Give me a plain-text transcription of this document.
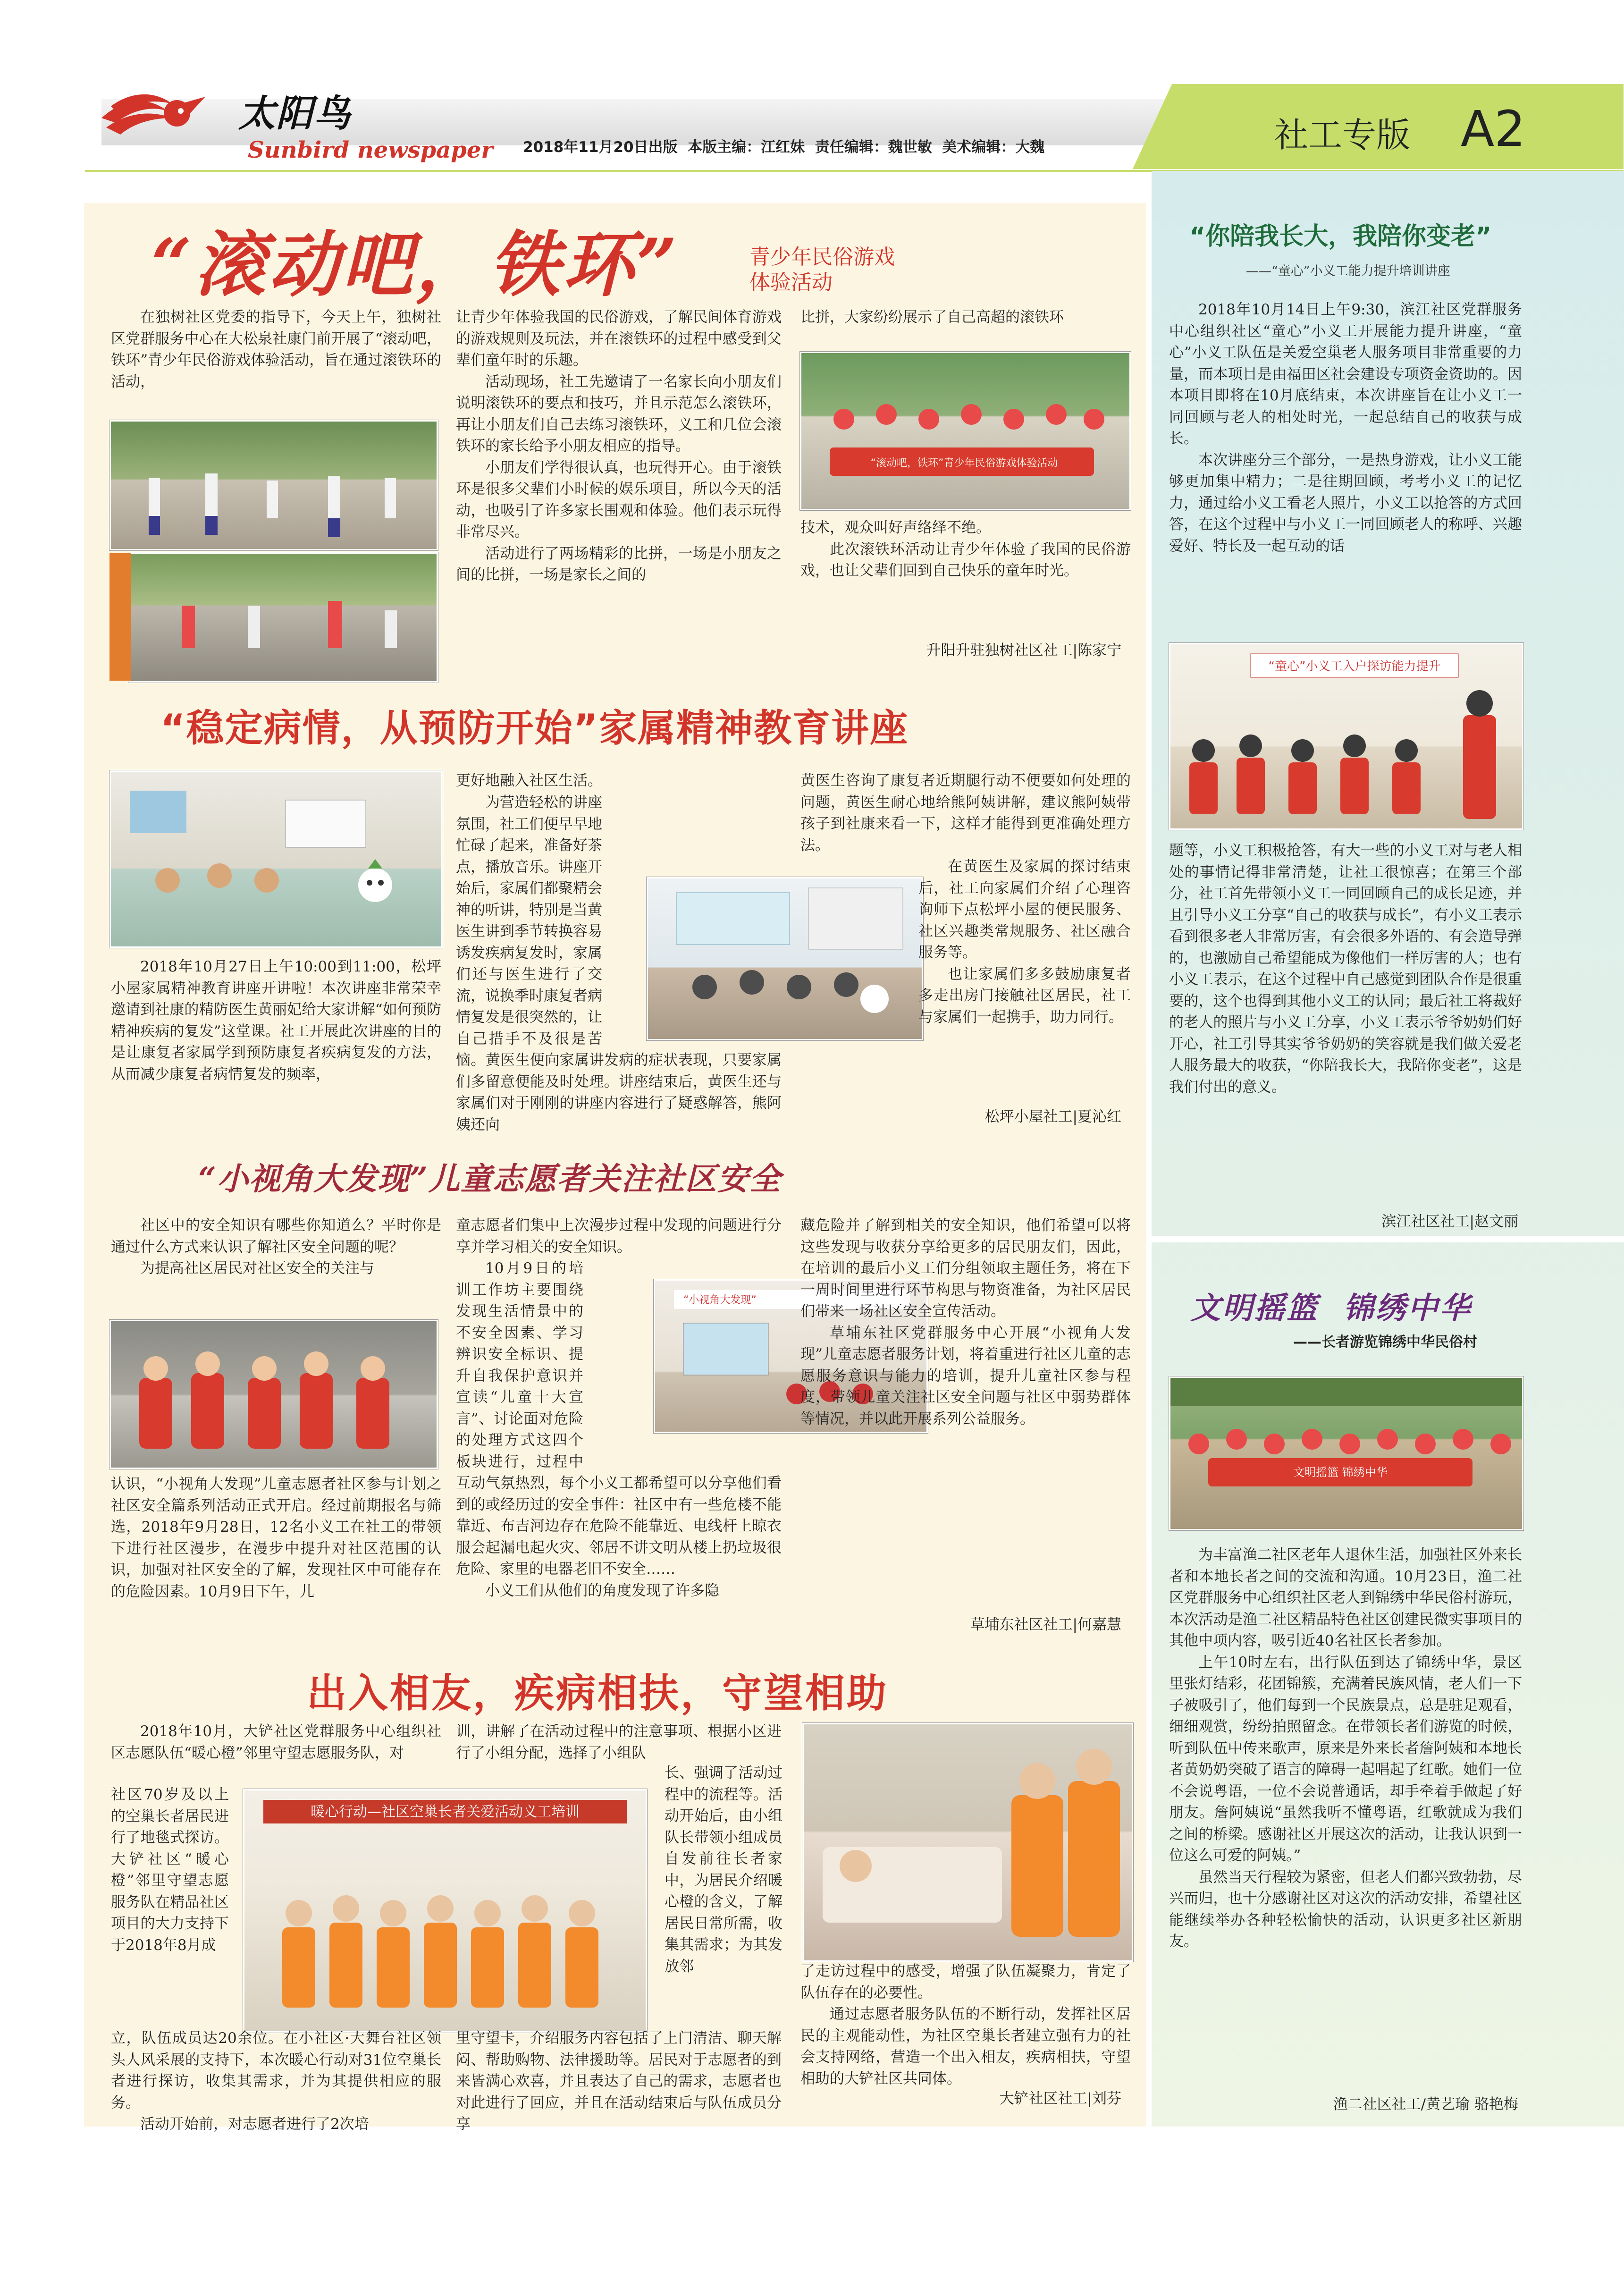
太阳鸟
Sunbird newspaper 2018年11月20日出版  本版主编：江红妹  责任编辑：魏世敏  美术编辑：大魏	社工专版 A2
“滚动吧，铁环”	青少年民俗游戏
体验活动

在独树社区党委的指导下，今天上午，独树社区党群服务中心在大松泉社康门前开展了“滚动吧，铁环”青少年民俗游戏体验活动，旨在通过滚铁环的活动，

让青少年体验我国的民俗游戏，了解民间体育游戏的游戏规则及玩法，并在滚铁环的过程中感受到父辈们童年时的乐趣。

活动现场，社工先邀请了一名家长向小朋友们说明滚铁环的要点和技巧，并且示范怎么滚铁环，再让小朋友们自己去练习滚铁环，义工和几位会滚铁环的家长给予小朋友相应的指导。

小朋友们学得很认真，也玩得开心。由于滚铁环是很多父辈们小时候的娱乐项目，所以今天的活动，也吸引了许多家长围观和体验。他们表示玩得非常尽兴。

活动进行了两场精彩的比拼，一场是小朋友之间的比拼，一场是家长之间的

比拼，大家纷纷展示了自己高超的滚铁环

“滚动吧，铁环”青少年民俗游戏体验活动

技术，观众叫好声络绎不绝。

此次滚铁环活动让青少年体验了我国的民俗游戏，也让父辈们回到自己快乐的童年时光。

升阳升驻独树社区社工|陈家宁
“稳定病情，从预防开始”家属精神教育讲座

2018年10月27日上午10:00到11:00，松坪小屋家属精神教育讲座开讲啦！本次讲座非常荣幸邀请到社康的精防医生黄丽妃给大家讲解“如何预防精神疾病的复发”这堂课。社工开展此次讲座的目的是让康复者家属学到预防康复者疾病复发的方法，从而减少康复者病情复发的频率，

更好地融入社区生活。

为营造轻松的讲座氛围，社工们便早早地忙碌了起来，准备好茶点，播放音乐。讲座开始后，家属们都聚精会神的听讲，特别是当黄医生讲到季节转换容易诱发疾病复发时，家属们还与医生进行了交流，说换季时康复者病情复发是很突然的，让自己措手不及很是苦恼。黄医生便向家属讲发病的症状表现，只要家属们多留意便能及时处理。讲座结束后，黄医生还与家属们对于刚刚的讲座内容进行了疑惑解答，熊阿姨还向

黄医生咨询了康复者近期腿行动不便要如何处理的问题，黄医生耐心地给熊阿姨讲解，建议熊阿姨带孩子到社康来看一下，这样才能得到更准确处理方法。

在黄医生及家属的探讨结束后，社工向家属们介绍了心理咨询师下点松坪小屋的便民服务、社区兴趣类常规服务、社区融合服务等。

也让家属们多多鼓励康复者多走出房门接触社区居民，社工与家属们一起携手，助力同行。

松坪小屋社工|夏沁红
“小视角大发现”儿童志愿者关注社区安全

社区中的安全知识有哪些你知道么？平时你是通过什么方式来认识了解社区安全问题的呢？

为提高社区居民对社区安全的关注与

认识，“小视角大发现”儿童志愿者社区参与计划之社区安全篇系列活动正式开启。经过前期报名与筛选，2018年9月28日，12名小义工在社工的带领下进行社区漫步，在漫步中提升对社区范围的认识，加强对社区安全的了解，发现社区中可能存在的危险因素。10月9日下午，儿

童志愿者们集中上次漫步过程中发现的问题进行分享并学习相关的安全知识。

10月9日的培训工作坊主要围绕发现生活情景中的不安全因素、学习辨识安全标识、提升自我保护意识并宣读“儿童十大宣言”、讨论面对危险的处理方式这四个板块进行，过程中互动气氛热烈，每个小义工都希望可以分享他们看到的或经历过的安全事件：社区中有一些危楼不能靠近、布吉河边存在危险不能靠近、电线杆上晾衣服会起漏电起火灾、邻居不讲文明从楼上扔垃圾很危险、家里的电器老旧不安全……

小义工们从他们的角度发现了许多隐

“小视角大发现”

藏危险并了解到相关的安全知识，他们希望可以将这些发现与收获分享给更多的居民朋友们，因此，在培训的最后小义工们分组领取主题任务，将在下一周时间里进行环节构思与物资准备，为社区居民们带来一场社区安全宣传活动。

草埔东社区党群服务中心开展“小视角大发现”儿童志愿者服务计划，将着重进行社区儿童的志愿服务意识与能力的培训，提升儿童社区参与程度，带领儿童关注社区安全问题与社区中弱势群体等情况，并以此开展系列公益服务。

草埔东社区社工|何嘉慧
出入相友，疾病相扶，守望相助

2018年10月，大铲社区党群服务中心组织社区志愿队伍“暖心橙”邻里守望志愿服务队，对

社区70岁及以上的空巢长者居民进行了地毯式探访。大铲社区“暖心橙”邻里守望志愿服务队在精品社区项目的大力支持下于2018年8月成

暖心行动—社区空巢长者关爱活动义工培训

立，队伍成员达20余位。在小社区·大舞台社区领头人风采展的支持下，本次暖心行动对31位空巢长者进行探访，收集其需求，并为其提供相应的服务。

活动开始前，对志愿者进行了2次培

训，讲解了在活动过程中的注意事项、根据小区进行了小组分配，选择了小组队

长、强调了活动过程中的流程等。活动开始后，由小组队长带领小组成员自发前往长者家中，为居民介绍暖心橙的含义，了解居民日常所需，收集其需求；为其发放邻

里守望卡，介绍服务内容包括了上门清洁、聊天解闷、帮助购物、法律援助等。居民对于志愿者的到来皆满心欢喜，并且表达了自己的需求，志愿者也对此进行了回应，并且在活动结束后与队伍成员分享

了走访过程中的感受，增强了队伍凝聚力，肯定了队伍存在的必要性。

通过志愿者服务队伍的不断行动，发挥社区居民的主观能动性，为社区空巢长者建立强有力的社会支持网络，营造一个出入相友，疾病相扶，守望相助的大铲社区共同体。

大铲社区社工|刘芬
“你陪我长大，我陪你变老”
——“童心”小义工能力提升培训讲座

2018年10月14日上午9:30，滨江社区党群服务中心组织社区“童心”小义工开展能力提升讲座，“童心”小义工队伍是关爱空巢老人服务项目非常重要的力量，而本项目是由福田区社会建设专项资金资助的。因本项目即将在10月底结束，本次讲座旨在让小义工一同回顾与老人的相处时光，一起总结自己的收获与成长。

本次讲座分三个部分，一是热身游戏，让小义工能够更加集中精力；二是往期回顾，考考小义工的记忆力，通过给小义工看老人照片，小义工以抢答的方式回答，在这个过程中与小义工一同回顾老人的称呼、兴趣爱好、特长及一起互动的话

“童心”小义工入户探访能力提升

题等，小义工积极抢答，有大一些的小义工对与老人相处的事情记得非常清楚，让社工很惊喜；在第三个部分，社工首先带领小义工一同回顾自己的成长足迹，并且引导小义工分享“自己的收获与成长”，有小义工表示看到很多老人非常厉害，有会很多外语的、有会造导弹的，也激励自己希望能成为像他们一样厉害的人；也有小义工表示，在这个过程中自己感觉到团队合作是很重要的，这个也得到其他小义工的认同；最后社工将裁好的老人的照片与小义工分享，小义工表示爷爷奶奶们好开心，社工引导其实爷爷奶奶的笑容就是我们做关爱老人服务最大的收获，“你陪我长大，我陪你变老”，这是我们付出的意义。

滨江社区社工|赵文丽
文明摇篮  锦绣中华
——长者游览锦绣中华民俗村
文明摇篮 锦绣中华

为丰富渔二社区老年人退休生活，加强社区外来长者和本地长者之间的交流和沟通。10月23日，渔二社区党群服务中心组织社区老人到锦绣中华民俗村游玩，本次活动是渔二社区精品特色社区创建民微实事项目的其他中项内容，吸引近40名社区长者参加。

上午10时左右，出行队伍到达了锦绣中华，景区里张灯结彩，花团锦簇，充满着民族风情，老人们一下子被吸引了，他们每到一个民族景点，总是驻足观看，细细观赏，纷纷拍照留念。在带领长者们游览的时候，听到队伍中传来歌声，原来是外来长者詹阿姨和本地长者黄奶奶突破了语言的障碍一起唱起了红歌。她们一位不会说粤语，一位不会说普通话，却手牵着手做起了好朋友。詹阿姨说“虽然我听不懂粤语，红歌就成为我们之间的桥梁。感谢社区开展这次的活动，让我认识到一位这么可爱的阿姨。”

虽然当天行程较为紧密，但老人们都兴致勃勃，尽兴而归，也十分感谢社区对这次的活动安排，希望社区能继续举办各种轻松愉快的活动，认识更多社区新朋友。

渔二社区社工/黄艺瑜 骆艳梅
